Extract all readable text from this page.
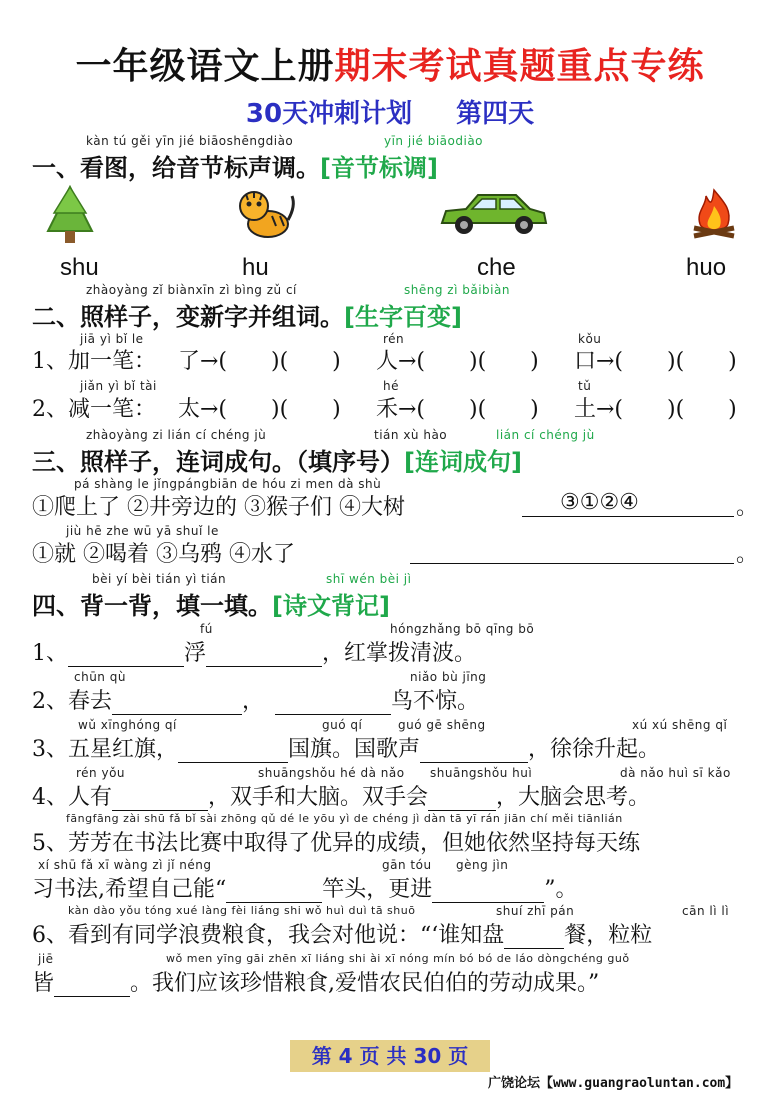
一年级语文上册期末考试真题重点专练
30天冲刺计划 第四天
kàn tú gěi yīn jié biāoshēngdiào	yīn jié biāodiào
一、看图，给音节标声调。[音节标调]
shu	hu	che	huo
zhàoyàng zǐ biànxīn zì bìng zǔ cí	shēng zì bǎibiàn
二、照样子，变新字并组词。[生字百变]
jiā yì bǐ le	rén	kǒu
1、加一笔： 了→(　　)(　　) 人→(　　)(　　) 口→(　　)(　　)
jiǎn yì bǐ tài	hé	tǔ
2、减一笔： 太→(　　)(　　) 禾→(　　)(　　) 土→(　　)(　　)
zhàoyàng zi lián cí chéng jù	tián xù hào	lián cí chéng jù
三、照样子，连词成句。（填序号）[连词成句]
pá shàng le jǐngpángbiān de hóu zi men dà shù
①爬上了 ②井旁边的 ③猴子们 ④大树	③①②④	。
jiù hē zhe wū yā shuǐ le
①就 ②喝着 ③乌鸦 ④水了	。
bèi yí bèi tián yì tián	shī wén bèi jì
四、背一背，填一填。[诗文背记]
fú	hóngzhǎng bō qīng bō
1、	浮	，红掌拨清波。
chūn qù	niǎo bù jīng
2、春去	，　	鸟不惊。
wǔ xīnghóng qí	guó qí	guó gē shēng	xú xú shēng qǐ
3、五星红旗，	国旗。国歌声	，徐徐升起。
rén yǒu	shuāngshǒu hé dà nǎo shuāngshǒu huì	dà nǎo huì sī kǎo
4、人有	，双手和大脑。双手会	，大脑会思考。
fāngfāng zài shū fǎ bǐ sài zhōng qǔ dé le yōu yì de chéng jì dàn tā yī rán jiān chí měi tiānlián
5、芳芳在书法比赛中取得了优异的成绩，但她依然坚持每天练
xí shū fǎ xī wàng zì jǐ néng	gān tóu gèng jìn
习书法,希望自己能“	竿头，更进	”。
kàn dào yǒu tóng xué làng fèi liáng shi wǒ huì duì tā shuō	shuí zhī pán	cān lì lì
6、看到有同学浪费粮食，我会对他说：“‘谁知盘	餐，粒粒
jiē	wǒ men yīng gāi zhēn xī liáng shi ài xī nóng mín bó bó de láo dòngchéng guǒ
皆	。我们应该珍惜粮食,爱惜农民伯伯的劳动成果。”
第 4 页 共 30 页
广饶论坛【www.guangraoluntan.com】
